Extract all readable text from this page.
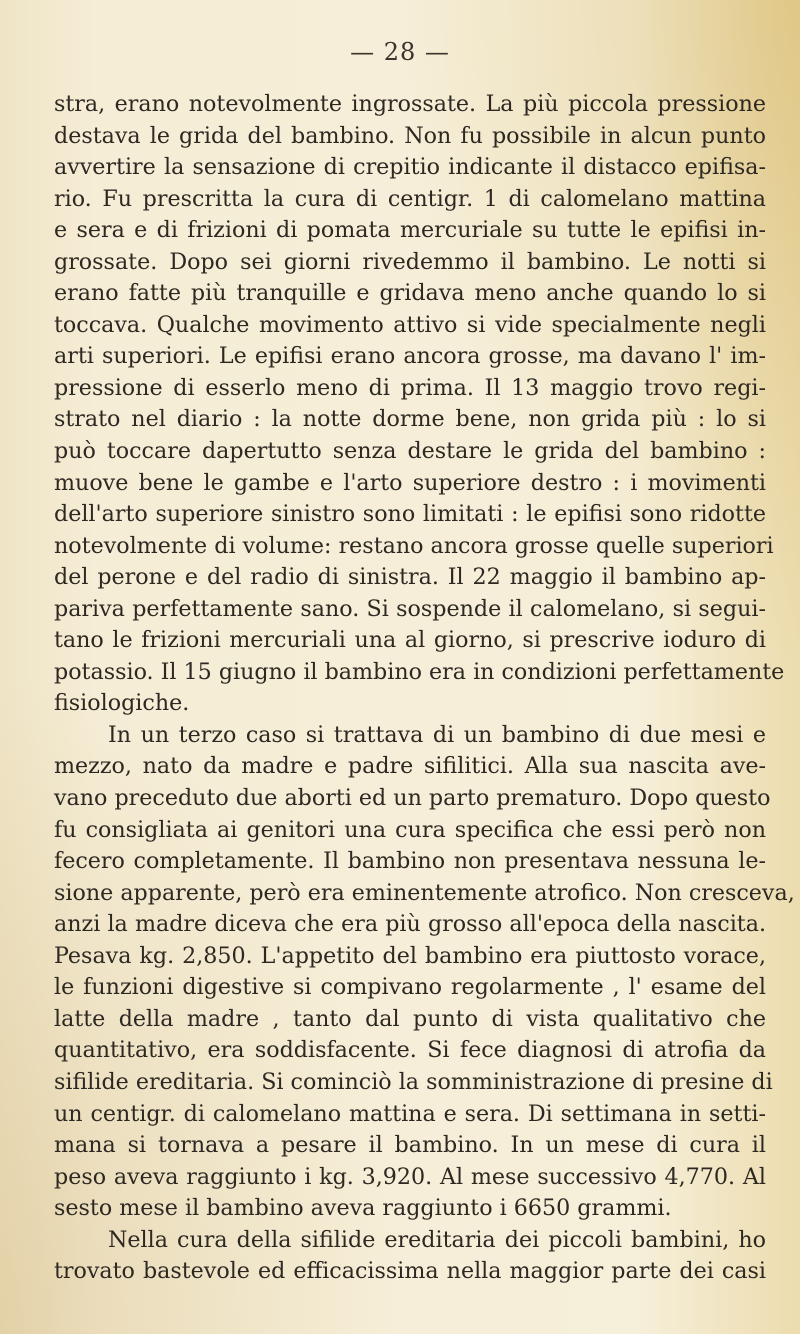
— 28 —
stra, erano notevolmente ingrossate. La più piccola pressione
destava le grida del bambino. Non fu possibile in alcun punto
avvertire la sensazione di crepitio indicante il distacco epifisa-
rio. Fu prescritta la cura di centigr. 1 di calomelano mattina
e sera e di frizioni di pomata mercuriale su tutte le epifisi in-
grossate. Dopo sei giorni rivedemmo il bambino. Le notti si
erano fatte più tranquille e gridava meno anche quando lo si
toccava. Qualche movimento attivo si vide specialmente negli
arti superiori. Le epifisi erano ancora grosse, ma davano l' im-
pressione di esserlo meno di prima. Il 13 maggio trovo regi-
strato nel diario : la notte dorme bene, non grida più : lo si
può toccare dapertutto senza destare le grida del bambino :
muove bene le gambe e l'arto superiore destro : i movimenti
dell'arto superiore sinistro sono limitati : le epifisi sono ridotte
notevolmente di volume: restano ancora grosse quelle superiori
del perone e del radio di sinistra. Il 22 maggio il bambino ap-
pariva perfettamente sano. Si sospende il calomelano, si segui-
tano le frizioni mercuriali una al giorno, si prescrive ioduro di
potassio. Il 15 giugno il bambino era in condizioni perfettamente
fisiologiche.
In un terzo caso si trattava di un bambino di due mesi e
mezzo, nato da madre e padre sifilitici. Alla sua nascita ave-
vano preceduto due aborti ed un parto prematuro. Dopo questo
fu consigliata ai genitori una cura specifica che essi però non
fecero completamente. Il bambino non presentava nessuna le-
sione apparente, però era eminentemente atrofico. Non cresceva,
anzi la madre diceva che era più grosso all'epoca della nascita.
Pesava kg. 2,850. L'appetito del bambino era piuttosto vorace,
le funzioni digestive si compivano regolarmente , l' esame del
latte della madre , tanto dal punto di vista qualitativo che
quantitativo, era soddisfacente. Si fece diagnosi di atrofia da
sifilide ereditaria. Si cominciò la somministrazione di presine di
un centigr. di calomelano mattina e sera. Di settimana in setti-
mana si tornava a pesare il bambino. In un mese di cura il
peso aveva raggiunto i kg. 3,920. Al mese successivo 4,770. Al
sesto mese il bambino aveva raggiunto i 6650 grammi.
Nella cura della sifilide ereditaria dei piccoli bambini, ho
trovato bastevole ed efficacissima nella maggior parte dei casi
